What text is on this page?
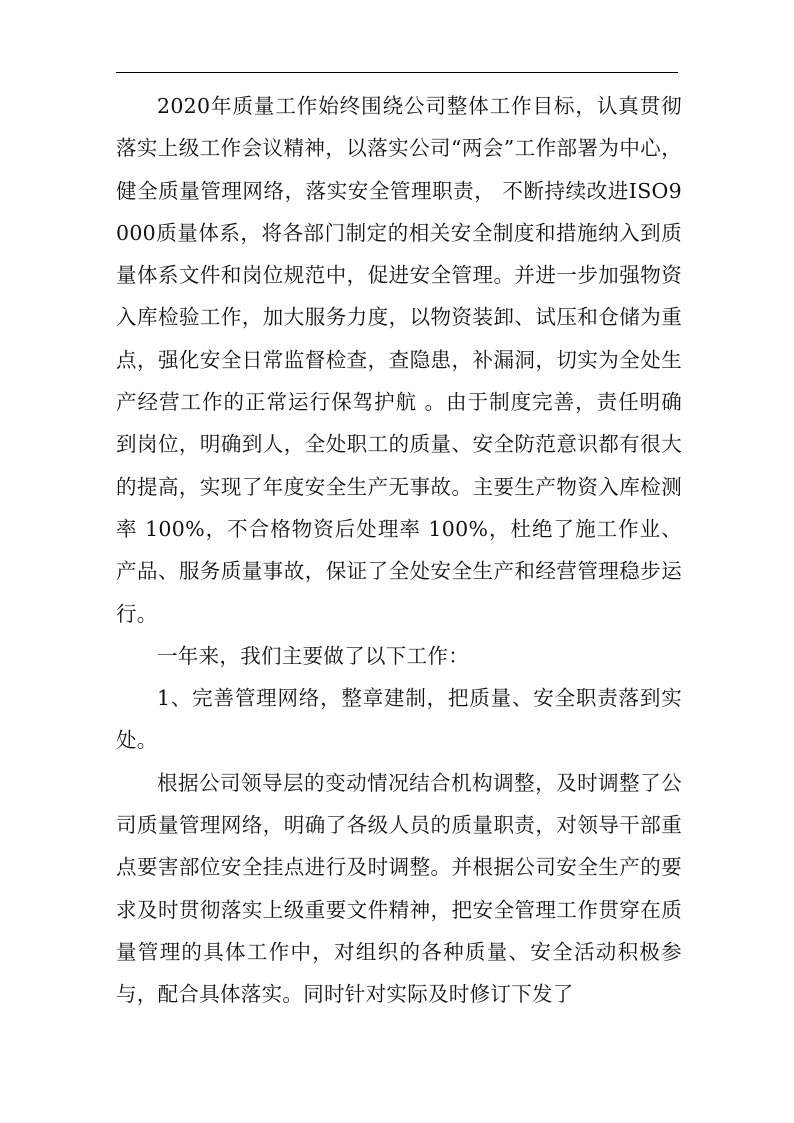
2020年质量工作始终围绕公司整体工作目标，认真贯彻落实上级工作会议精神，以落实公司“两会”工作部署为中心，健全质量管理网络，落实安全管理职责， 不断持续改进ISO9000质量体系，将各部门制定的相关安全制度和措施纳入到质量体系文件和岗位规范中，促进安全管理。并进一步加强物资入库检验工作，加大服务力度，以物资装卸、试压和仓储为重点，强化安全日常监督检查，查隐患，补漏洞，切实为全处生产经营工作的正常运行保驾护航 。由于制度完善，责任明确到岗位，明确到人，全处职工的质量、安全防范意识都有很大的提高，实现了年度安全生产无事故。主要生产物资入库检测率 100%，不合格物资后处理率 100%，杜绝了施工作业、产品、服务质量事故，保证了全处安全生产和经营管理稳步运行。

一年来，我们主要做了以下工作：

1、完善管理网络，整章建制，把质量、安全职责落到实处。

根据公司领导层的变动情况结合机构调整，及时调整了公司质量管理网络，明确了各级人员的质量职责，对领导干部重点要害部位安全挂点进行及时调整。并根据公司安全生产的要求及时贯彻落实上级重要文件精神，把安全管理工作贯穿在质量管理的具体工作中，对组织的各种质量、安全活动积极参与，配合具体落实。同时针对实际及时修订下发了
